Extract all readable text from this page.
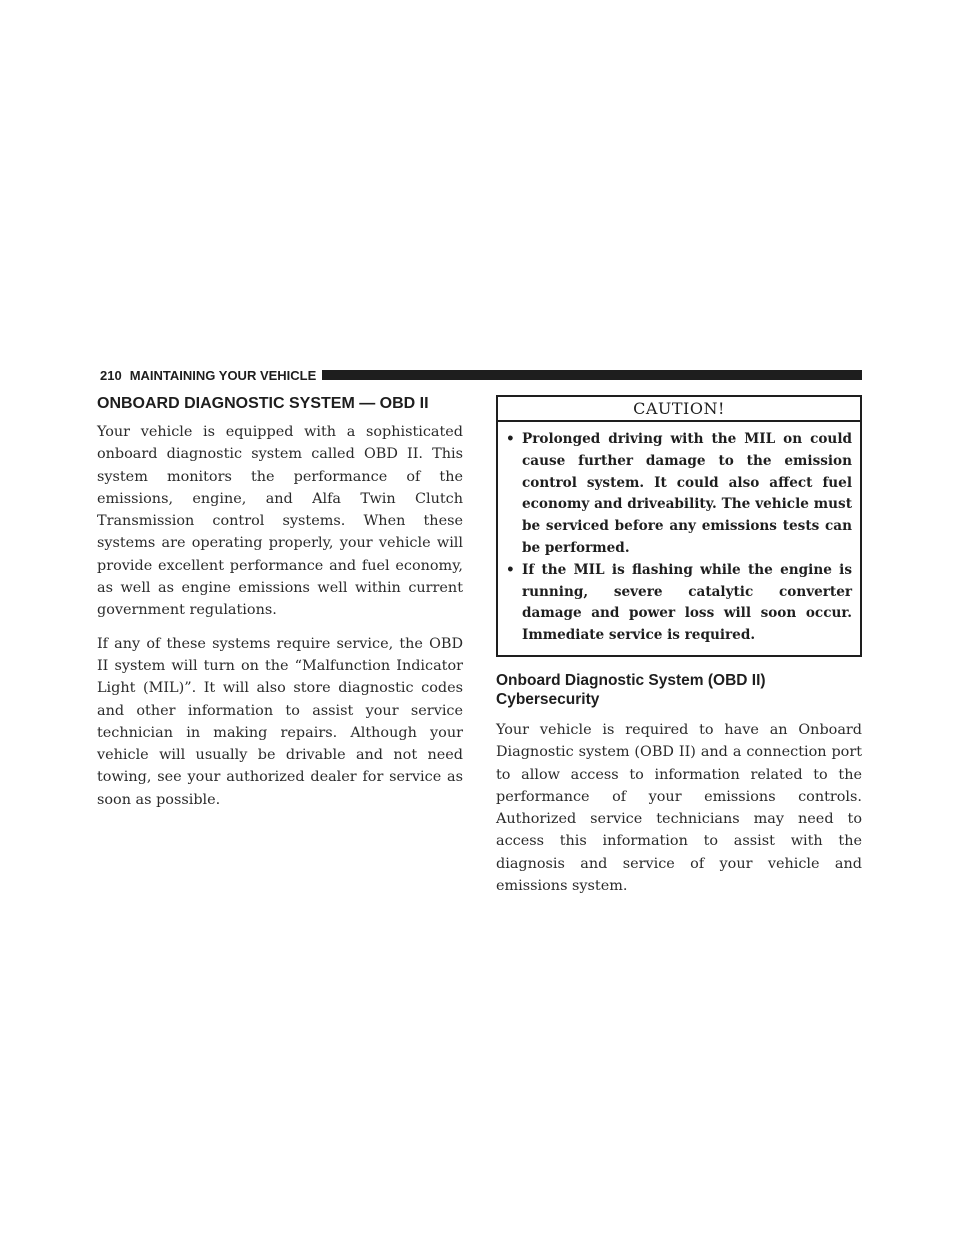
210 MAINTAINING YOUR VEHICLE
ONBOARD DIAGNOSTIC SYSTEM — OBD II

Your vehicle is equipped with a sophisticated onboard diagnostic system called OBD II. This system monitors the performance of the emissions, engine, and Alfa Twin Clutch Transmission control systems. When these systems are operating properly, your vehicle will provide excellent performance and fuel economy, as well as engine emissions well within current government regulations.

If any of these systems require service, the OBD II system will turn on the “Malfunction Indicator Light (MIL)”. It will also store diagnostic codes and other information to assist your service technician in making repairs. Although your vehicle will usually be drivable and not need towing, see your authorized dealer for service as soon as possible.

CAUTION!
• Prolonged driving with the MIL on could cause further damage to the emission control system. It could also affect fuel economy and driveability. The vehicle must be serviced before any emissions tests can be performed.
• If the MIL is flashing while the engine is running, severe catalytic converter damage and power loss will soon occur. Immediate service is required.
Onboard Diagnostic System (OBD II) Cybersecurity

Your vehicle is required to have an Onboard Diagnostic system (OBD II) and a connection port to allow access to information related to the performance of your emissions controls. Authorized service technicians may need to access this information to assist with the diagnosis and service of your vehicle and emissions system.
